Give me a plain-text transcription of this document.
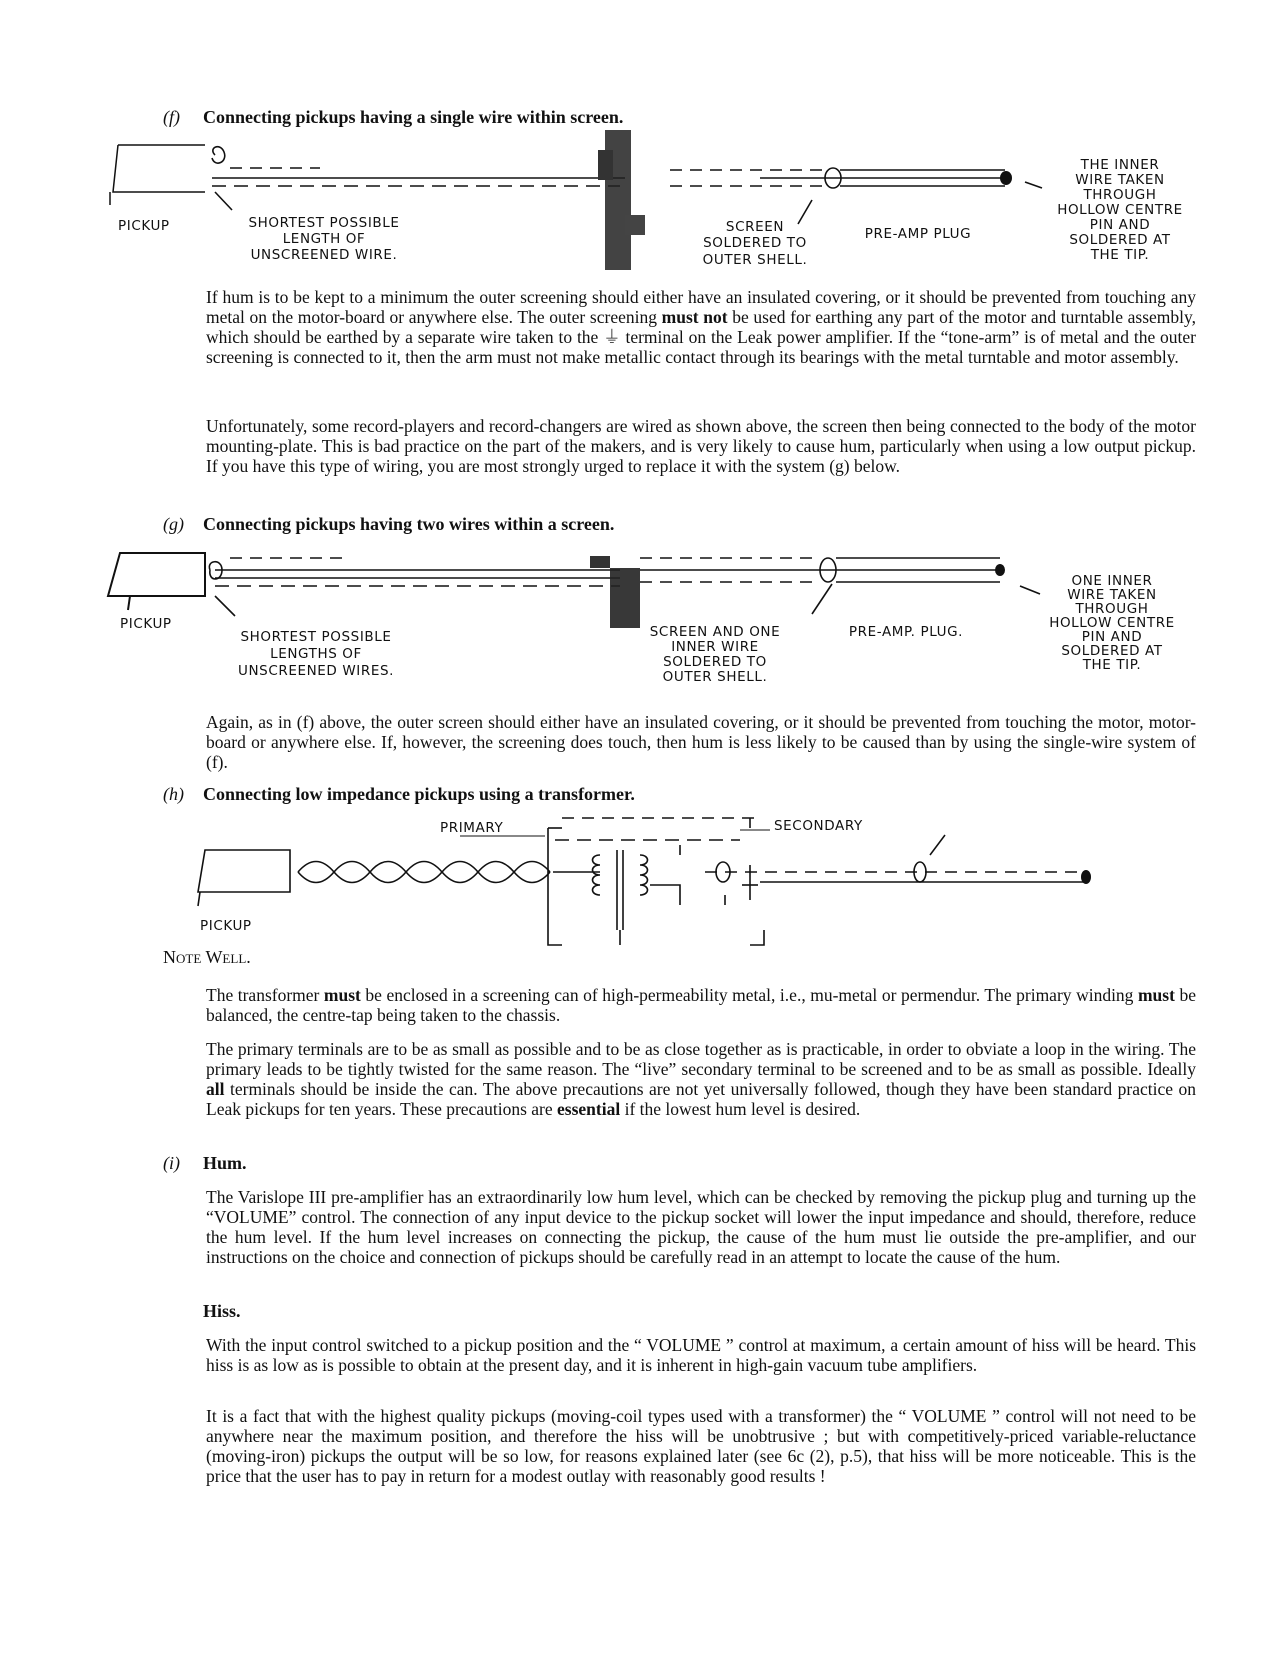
(f) Connecting pickups having a single wire within screen.
PICKUP	SHORTEST POSSIBLE
LENGTH OF
UNSCREENED WIRE.
SCREEN
SOLDERED TO
OUTER SHELL.
PRE-AMP PLUG
THE INNER
WIRE TAKEN
THROUGH
HOLLOW CENTRE
PIN AND
SOLDERED AT
THE TIP.
If hum is to be kept to a minimum the outer screening should either have an insulated covering, or it should be prevented from touching any metal on the motor-board or anywhere else. The outer screening must not be used for earthing any part of the motor and turntable assembly, which should be earthed by a separate wire taken to the ⏚ terminal on the Leak power amplifier. If the “tone-arm” is of metal and the outer screening is connected to it, then the arm must not make metallic contact through its bearings with the metal turntable and motor assembly.
Unfortunately, some record-players and record-changers are wired as shown above, the screen then being connected to the body of the motor mounting-plate. This is bad practice on the part of the makers, and is very likely to cause hum, particularly when using a low output pickup. If you have this type of wiring, you are most strongly urged to replace it with the system (g) below.
(g) Connecting pickups having two wires within a screen.
PICKUP
SHORTEST POSSIBLE
LENGTHS OF
UNSCREENED WIRES.
SCREEN AND ONE
INNER WIRE
SOLDERED TO
OUTER SHELL.
PRE-AMP. PLUG.
ONE INNER
WIRE TAKEN
THROUGH
HOLLOW CENTRE
PIN AND
SOLDERED AT
THE TIP.
Again, as in (f) above, the outer screen should either have an insulated covering, or it should be prevented from touching the motor, motor-board or anywhere else. If, however, the screening does touch, then hum is less likely to be caused than by using the single-wire system of (f).
(h) Connecting low impedance pickups using a transformer.
PRIMARY	SECONDARY
PICKUP
Note Well.
The transformer must be enclosed in a screening can of high-permeability metal, i.e., mu-metal or permendur. The primary winding must be balanced, the centre-tap being taken to the chassis.
The primary terminals are to be as small as possible and to be as close together as is practicable, in order to obviate a loop in the wiring. The primary leads to be tightly twisted for the same reason. The “live” secondary terminal to be screened and to be as small as possible. Ideally all terminals should be inside the can. The above precautions are not yet universally followed, though they have been standard practice on Leak pickups for ten years. These precautions are essential if the lowest hum level is desired.
(i) Hum.
The Varislope III pre-amplifier has an extraordinarily low hum level, which can be checked by removing the pickup plug and turning up the “VOLUME” control. The connection of any input device to the pickup socket will lower the input impedance and should, therefore, reduce the hum level. If the hum level increases on connecting the pickup, the cause of the hum must lie outside the pre-amplifier, and our instructions on the choice and connection of pickups should be carefully read in an attempt to locate the cause of the hum.
Hiss.
With the input control switched to a pickup position and the “ VOLUME ” control at maximum, a certain amount of hiss will be heard. This hiss is as low as is possible to obtain at the present day, and it is inherent in high-gain vacuum tube amplifiers.
It is a fact that with the highest quality pickups (moving-coil types used with a transformer) the “ VOLUME ” control will not need to be anywhere near the maximum position, and therefore the hiss will be unobtrusive ; but with competitively-priced variable-reluctance (moving-iron) pickups the output will be so low, for reasons explained later (see 6c (2), p.5), that hiss will be more noticeable. This is the price that the user has to pay in return for a modest outlay with reasonably good results !
